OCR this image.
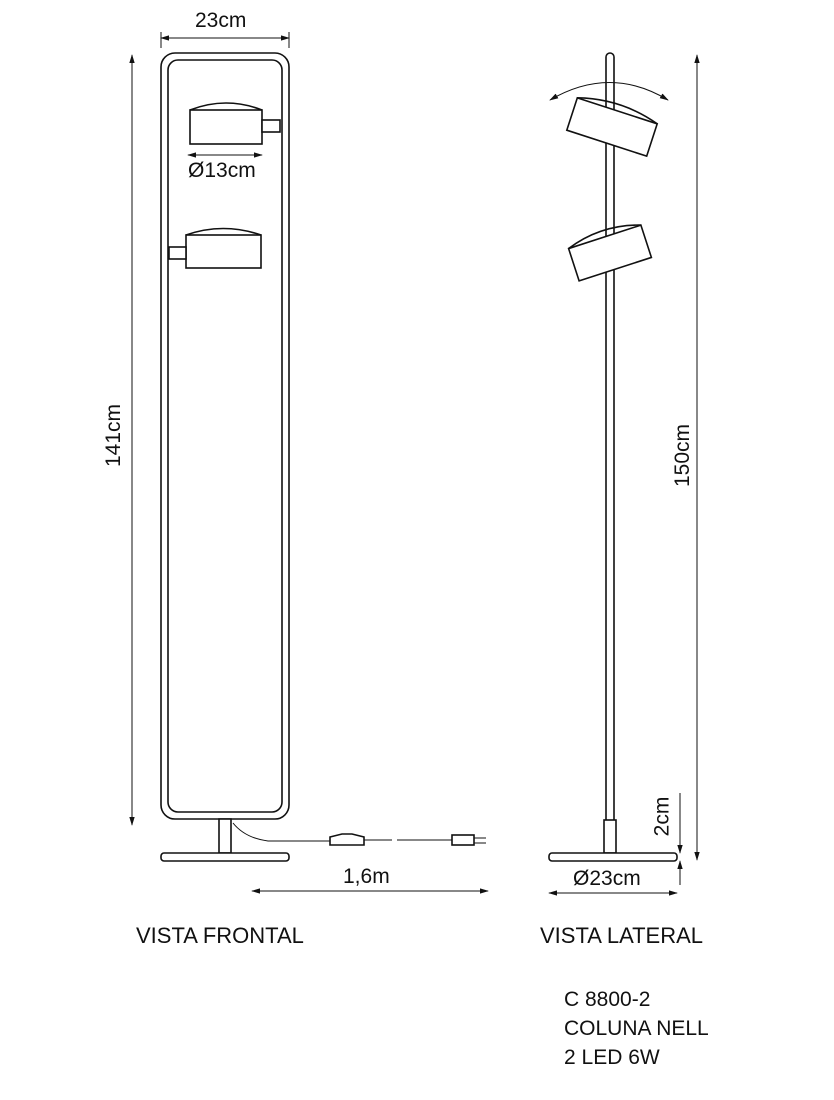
23cm
141cm
Ø13cm
1,6m
150cm
2cm
Ø23cm
VISTA FRONTAL	VISTA LATERAL
C 8800-2
COLUNA NELL
2 LED 6W
